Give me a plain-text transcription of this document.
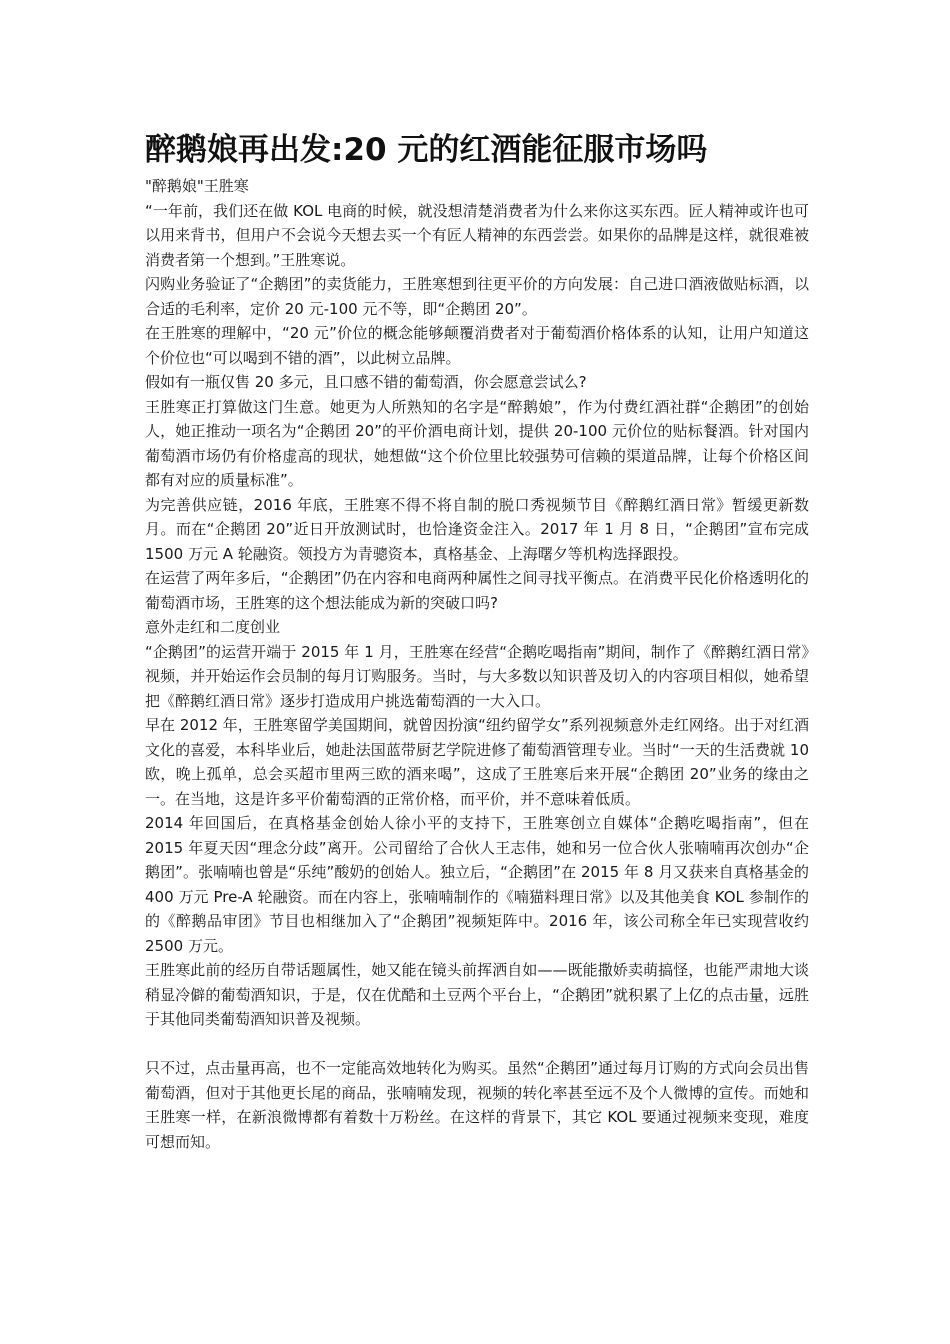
醉鹅娘再出发:20 元的红酒能征服市场吗

"醉鹅娘"王胜寒

“一年前，我们还在做 KOL 电商的时候，就没想清楚消费者为什么来你这买东西。匠人精神或许也可以用来背书，但用户不会说今天想去买一个有匠人精神的东西尝尝。如果你的品牌是这样，就很难被消费者第一个想到。”王胜寒说。

闪购业务验证了“企鹅团”的卖货能力，王胜寒想到往更平价的方向发展：自己进口酒液做贴标酒，以合适的毛利率，定价 20 元-100 元不等，即“企鹅团 20”。

在王胜寒的理解中，“20 元”价位的概念能够颠覆消费者对于葡萄酒价格体系的认知，让用户知道这个价位也“可以喝到不错的酒”，以此树立品牌。

假如有一瓶仅售 20 多元，且口感不错的葡萄酒，你会愿意尝试么?

王胜寒正打算做这门生意。她更为人所熟知的名字是“醉鹅娘”，作为付费红酒社群“企鹅团”的创始人，她正推动一项名为“企鹅团 20”的平价酒电商计划，提供 20-100 元价位的贴标餐酒。针对国内葡萄酒市场仍有价格虚高的现状，她想做“这个价位里比较强势可信赖的渠道品牌，让每个价格区间都有对应的质量标准”。

为完善供应链，2016 年底，王胜寒不得不将自制的脱口秀视频节目《醉鹅红酒日常》暂缓更新数月。而在“企鹅团 20”近日开放测试时，也恰逢资金注入。2017 年 1 月 8 日，“企鹅团”宣布完成 1500 万元 A 轮融资。领投方为青骢资本，真格基金、上海曙夕等机构选择跟投。

在运营了两年多后，“企鹅团”仍在内容和电商两种属性之间寻找平衡点。在消费平民化价格透明化的葡萄酒市场，王胜寒的这个想法能成为新的突破口吗?

意外走红和二度创业

“企鹅团”的运营开端于 2015 年 1 月，王胜寒在经营“企鹅吃喝指南”期间，制作了《醉鹅红酒日常》视频，并开始运作会员制的每月订购服务。当时，与大多数以知识普及切入的内容项目相似，她希望把《醉鹅红酒日常》逐步打造成用户挑选葡萄酒的一大入口。

早在 2012 年，王胜寒留学美国期间，就曾因扮演“纽约留学女”系列视频意外走红网络。出于对红酒文化的喜爱，本科毕业后，她赴法国蓝带厨艺学院进修了葡萄酒管理专业。当时“一天的生活费就 10 欧，晚上孤单，总会买超市里两三欧的酒来喝”，这成了王胜寒后来开展“企鹅团 20”业务的缘由之一。在当地，这是许多平价葡萄酒的正常价格，而平价，并不意味着低质。

2014 年回国后，在真格基金创始人徐小平的支持下，王胜寒创立自媒体“企鹅吃喝指南”，但在 2015 年夏天因“理念分歧”离开。公司留给了合伙人王志伟，她和另一位合伙人张喃喃再次创办“企鹅团”。张喃喃也曾是“乐纯”酸奶的创始人。独立后，“企鹅团”在 2015 年 8 月又获来自真格基金的 400 万元 Pre-A 轮融资。而在内容上，张喃喃制作的《喃猫料理日常》以及其他美食 KOL 参制作的的《醉鹅品审团》节目也相继加入了“企鹅团”视频矩阵中。2016 年，该公司称全年已实现营收约 2500 万元。

王胜寒此前的经历自带话题属性，她又能在镜头前挥洒自如——既能撒娇卖萌搞怪，也能严肃地大谈稍显冷僻的葡萄酒知识，于是，仅在优酷和土豆两个平台上，“企鹅团”就积累了上亿的点击量，远胜于其他同类葡萄酒知识普及视频。

只不过，点击量再高，也不一定能高效地转化为购买。虽然“企鹅团”通过每月订购的方式向会员出售葡萄酒，但对于其他更长尾的商品，张喃喃发现，视频的转化率甚至远不及个人微博的宣传。而她和王胜寒一样，在新浪微博都有着数十万粉丝。在这样的背景下，其它 KOL 要通过视频来变现，难度可想而知。
